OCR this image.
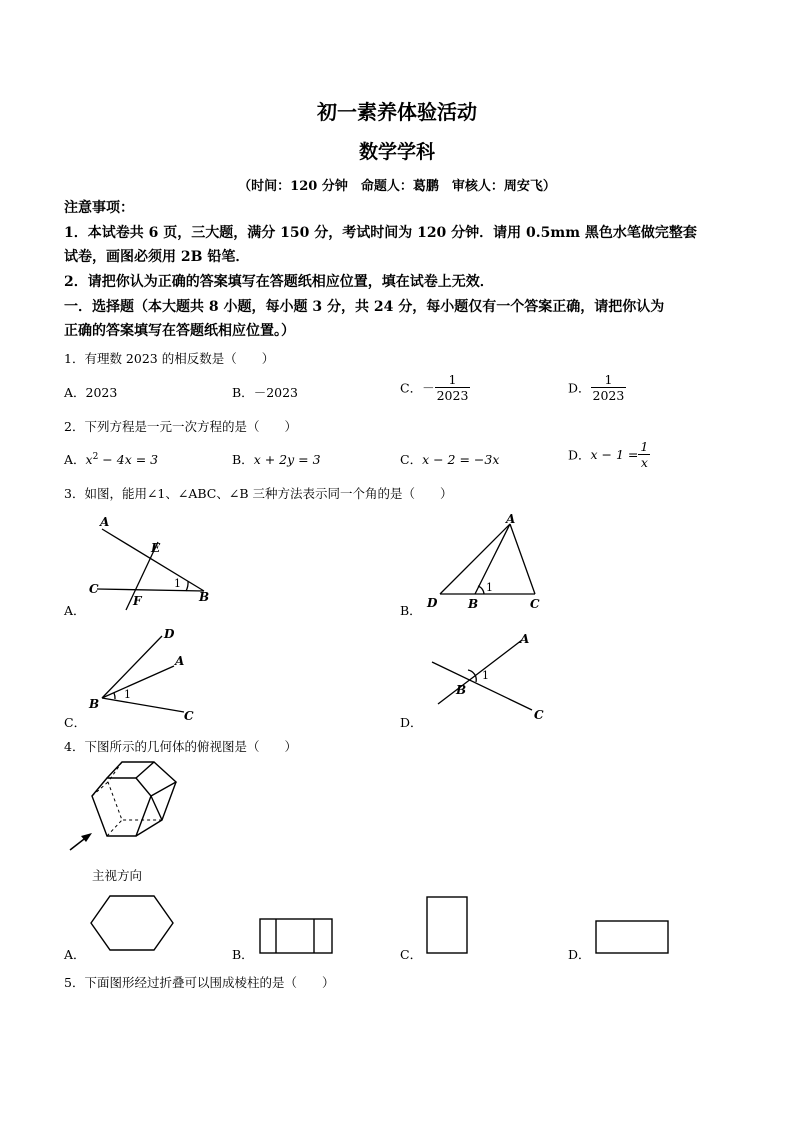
初一素养体验活动
数学学科
（时间：120 分钟　命题人：葛鹏　审核人：周安飞）
注意事项：
1．本试卷共 6 页，三大题，满分 150 分，考试时间为 120 分钟．请用 0.5mm 黑色水笔做完整套
试卷，画图必须用 2B 铅笔．
2．请把你认为正确的答案填写在答题纸相应位置，填在试卷上无效．
一．选择题（本大题共 8 小题，每小题 3 分，共 24 分，每小题仅有一个答案正确，请把你认为
正确的答案填写在答题纸相应位置。）
1．有理数 2023 的相反数是（　　）
A．2023	B．－2023	C．－ $\frac{1}{2023}$	D． $\frac{1}{2023}$
2．下列方程是一元一次方程的是（　　）
A．$x^2 - 4x = 3$	B．x + 2y = 3	C．x − 2 = −3x	D．$x - 1 = \frac{1}{x}$
3．如图，能用∠1、∠ABC、∠B 三种方法表示同一个角的是（　　）
A．
A
E
C
F	B
1
B．
A
D	B	C
1
C．
D
A
B
C
1
D．
A
B
C
1
4．下图所示的几何体的俯视图是（　　）
主视方向
A．	B．	C．	D．
5．下面图形经过折叠可以围成棱柱的是（　　）
